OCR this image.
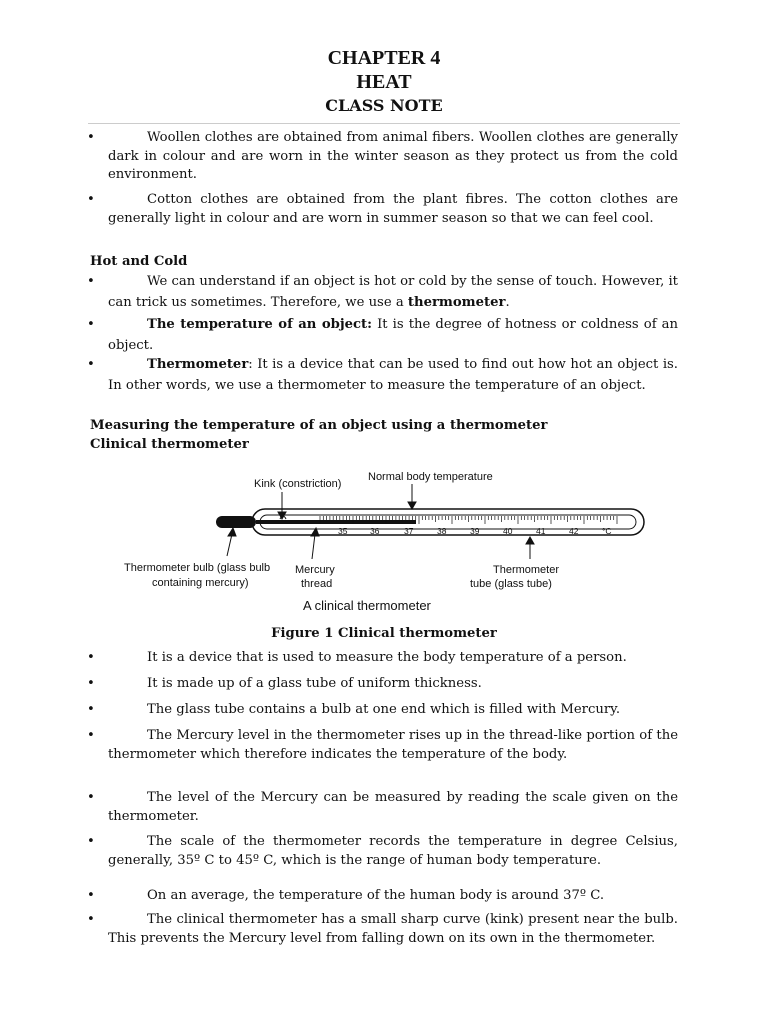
CHAPTER 4
HEAT
CLASS NOTE

• Woollen clothes are obtained from animal fibers. Woollen clothes are generally dark in colour and are worn in the winter season as they protect us from the cold environment.

• Cotton clothes are obtained from the plant fibres. The cotton clothes are generally light in colour and are worn in summer season so that we can feel cool.

Hot and Cold

• We can understand if an object is hot or cold by the sense of touch. However, it can trick us sometimes. Therefore, we use a thermometer.

• The temperature of an object: It is the degree of hotness or coldness of an object.

• Thermometer: It is a device that can be used to find out how hot an object is. In other words, we use a thermometer to measure the temperature of an object.

Measuring the temperature of an object using a thermometer

Clinical thermometer

Kink (constriction)
Normal body temperature
Thermometer bulb (glass bulb
containing mercury)
Mercury
thread
Thermometer
tube (glass tube)
A clinical thermometer
35	36	37	38	39	40	41	42	°C

Figure 1 Clinical thermometer

• It is a device that is used to measure the body temperature of a person.

• It is made up of a glass tube of uniform thickness.

• The glass tube contains a bulb at one end which is filled with Mercury.

• The Mercury level in the thermometer rises up in the thread-like portion of the thermometer which therefore indicates the temperature of the body.

• The level of the Mercury can be measured by reading the scale given on the thermometer.

• The scale of the thermometer records the temperature in degree Celsius, generally, 35º C to 45º C, which is the range of human body temperature.

• On an average, the temperature of the human body is around 37º C.

• The clinical thermometer has a small sharp curve (kink) present near the bulb. This prevents the Mercury level from falling down on its own in the thermometer.
